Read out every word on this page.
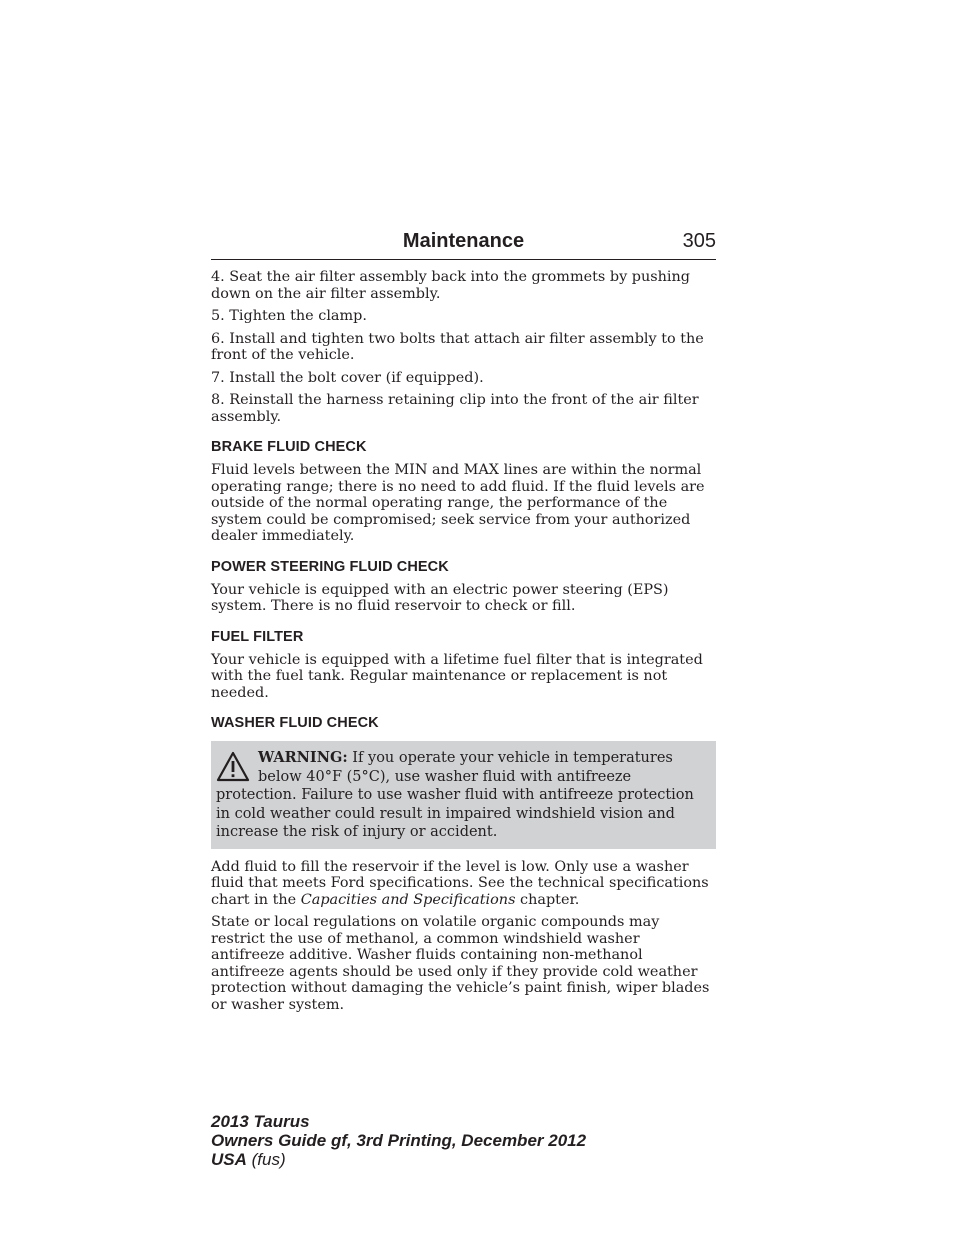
Maintenance	305

4. Seat the air filter assembly back into the grommets by pushing down on the air filter assembly.

5. Tighten the clamp.

6. Install and tighten two bolts that attach air filter assembly to the front of the vehicle.

7. Install the bolt cover (if equipped).

8. Reinstall the harness retaining clip into the front of the air filter assembly.

BRAKE FLUID CHECK

Fluid levels between the MIN and MAX lines are within the normal operating range; there is no need to add fluid. If the fluid levels are outside of the normal operating range, the performance of the system could be compromised; seek service from your authorized dealer immediately.

POWER STEERING FLUID CHECK

Your vehicle is equipped with an electric power steering (EPS) system. There is no fluid reservoir to check or fill.

FUEL FILTER

Your vehicle is equipped with a lifetime fuel filter that is integrated with the fuel tank. Regular maintenance or replacement is not needed.

WASHER FLUID CHECK
WARNING: If you operate your vehicle in temperatures below 40°F (5°C), use washer fluid with antifreeze protection. Failure to use washer fluid with antifreeze protection in cold weather could result in impaired windshield vision and increase the risk of injury or accident.

Add fluid to fill the reservoir if the level is low. Only use a washer fluid that meets Ford specifications. See the technical specifications chart in the Capacities and Specifications chapter.

State or local regulations on volatile organic compounds may restrict the use of methanol, a common windshield washer antifreeze additive. Washer fluids containing non-methanol antifreeze agents should be used only if they provide cold weather protection without damaging the vehicle’s paint finish, wiper blades or washer system.

2013 Taurus
Owners Guide gf, 3rd Printing, December 2012
USA (fus)
